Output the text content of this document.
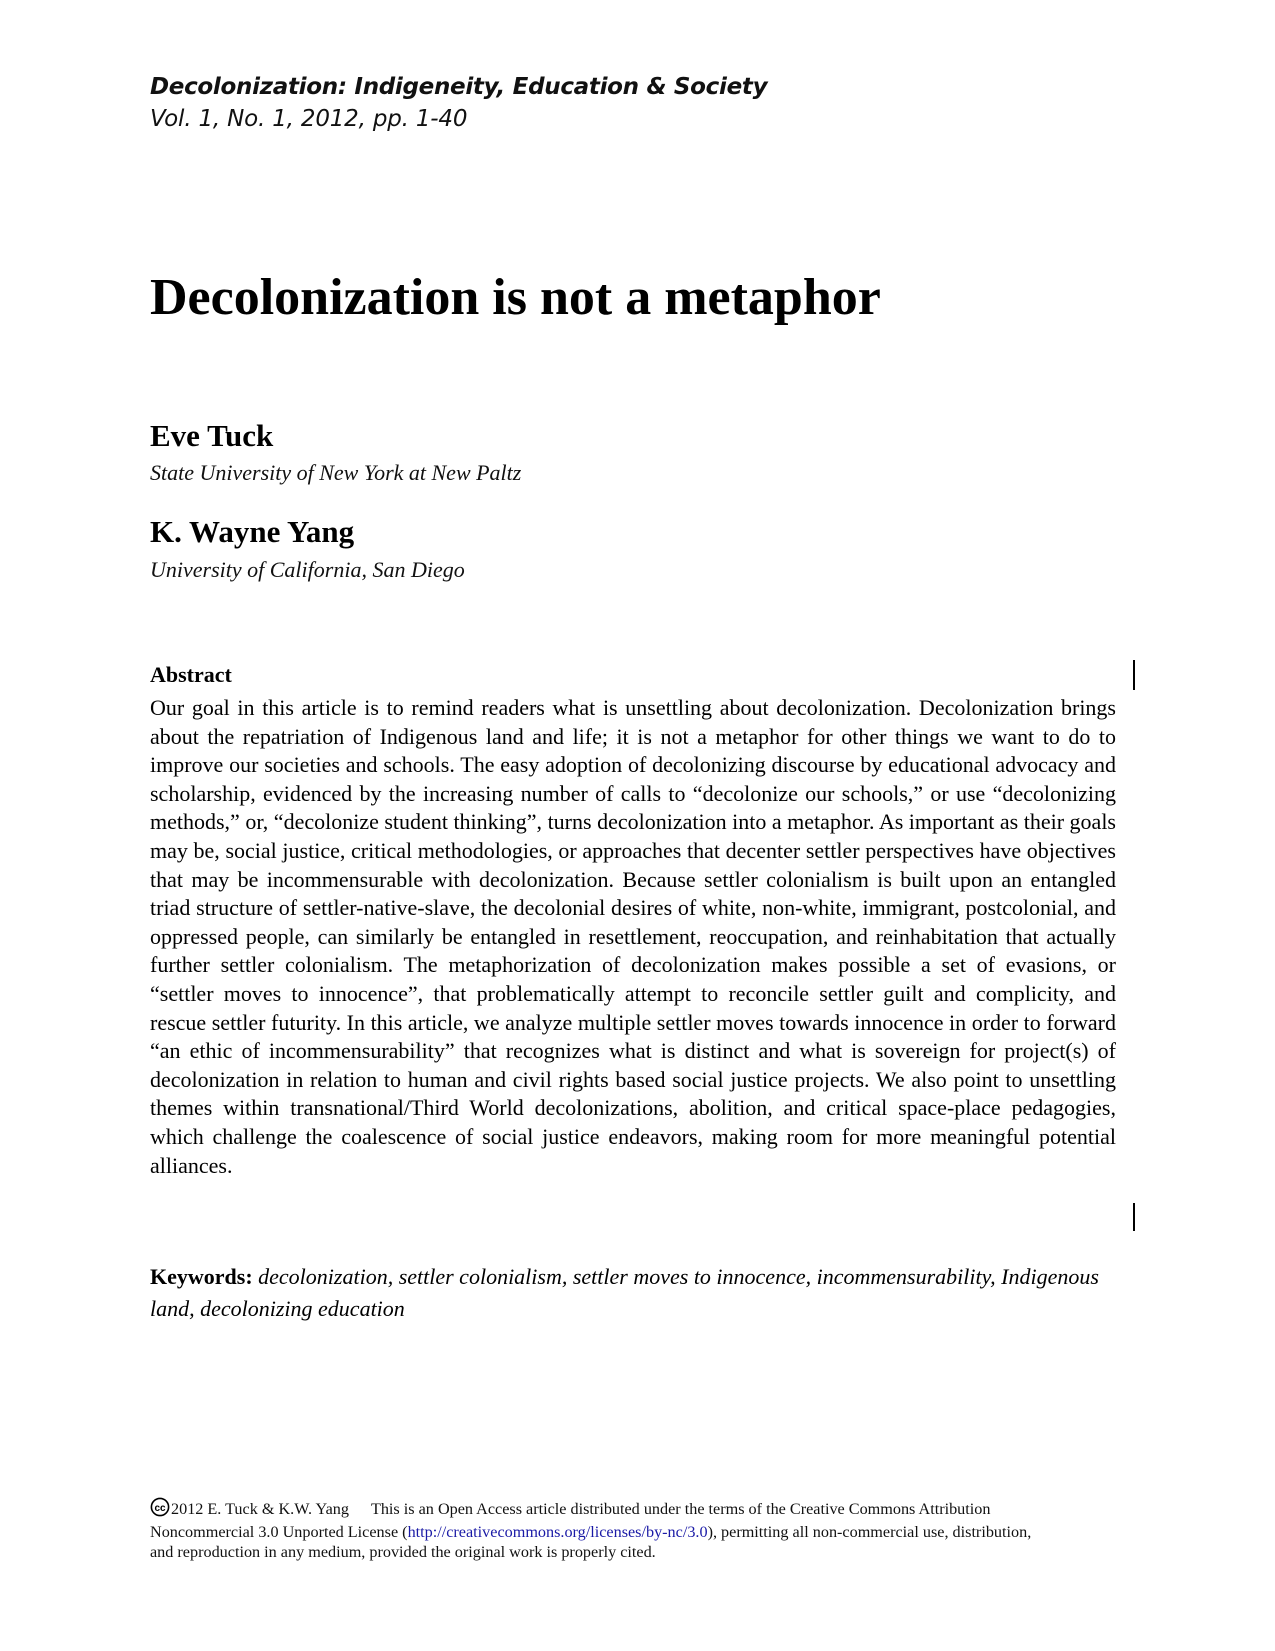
Decolonization: Indigeneity, Education & Society
Vol. 1, No. 1, 2012, pp. 1-40
Decolonization is not a metaphor
Eve Tuck
State University of New York at New Paltz
K. Wayne Yang
University of California, San Diego
Abstract
Our goal in this article is to remind readers what is unsettling about decolonization. Decolonization brings about the repatriation of Indigenous land and life; it is not a metaphor for other things we want to do to improve our societies and schools. The easy adoption of decolonizing discourse by educational advocacy and scholarship, evidenced by the increasing number of calls to “decolonize our schools,” or use “decolonizing methods,” or, “decolonize student thinking”, turns decolonization into a metaphor. As important as their goals may be, social justice, critical methodologies, or approaches that decenter settler perspectives have objectives that may be incommensurable with decolonization. Because settler colonialism is built upon an entangled triad structure of settler-native-slave, the decolonial desires of white, non-white, immigrant, postcolonial, and oppressed people, can similarly be entangled in resettlement, reoccupation, and reinhabitation that actually further settler colonialism. The metaphorization of decolonization makes possible a set of evasions, or “settler moves to innocence”, that problematically attempt to reconcile settler guilt and complicity, and rescue settler futurity. In this article, we analyze multiple settler moves towards innocence in order to forward “an ethic of incommensurability” that recognizes what is distinct and what is sovereign for project(s) of decolonization in relation to human and civil rights based social justice projects. We also point to unsettling themes within transnational/Third World decolonizations, abolition, and critical space-place pedagogies, which challenge the coalescence of social justice endeavors, making room for more meaningful potential alliances.
Keywords: decolonization, settler colonialism, settler moves to innocence, incommensurability, Indigenous land, decolonizing education
cc 2012 E. Tuck & K.W. Yang This is an Open Access article distributed under the terms of the Creative Commons Attribution Noncommercial 3.0 Unported License (http://creativecommons.org/licenses/by-nc/3.0), permitting all non-commercial use, distribution, and reproduction in any medium, provided the original work is properly cited.
